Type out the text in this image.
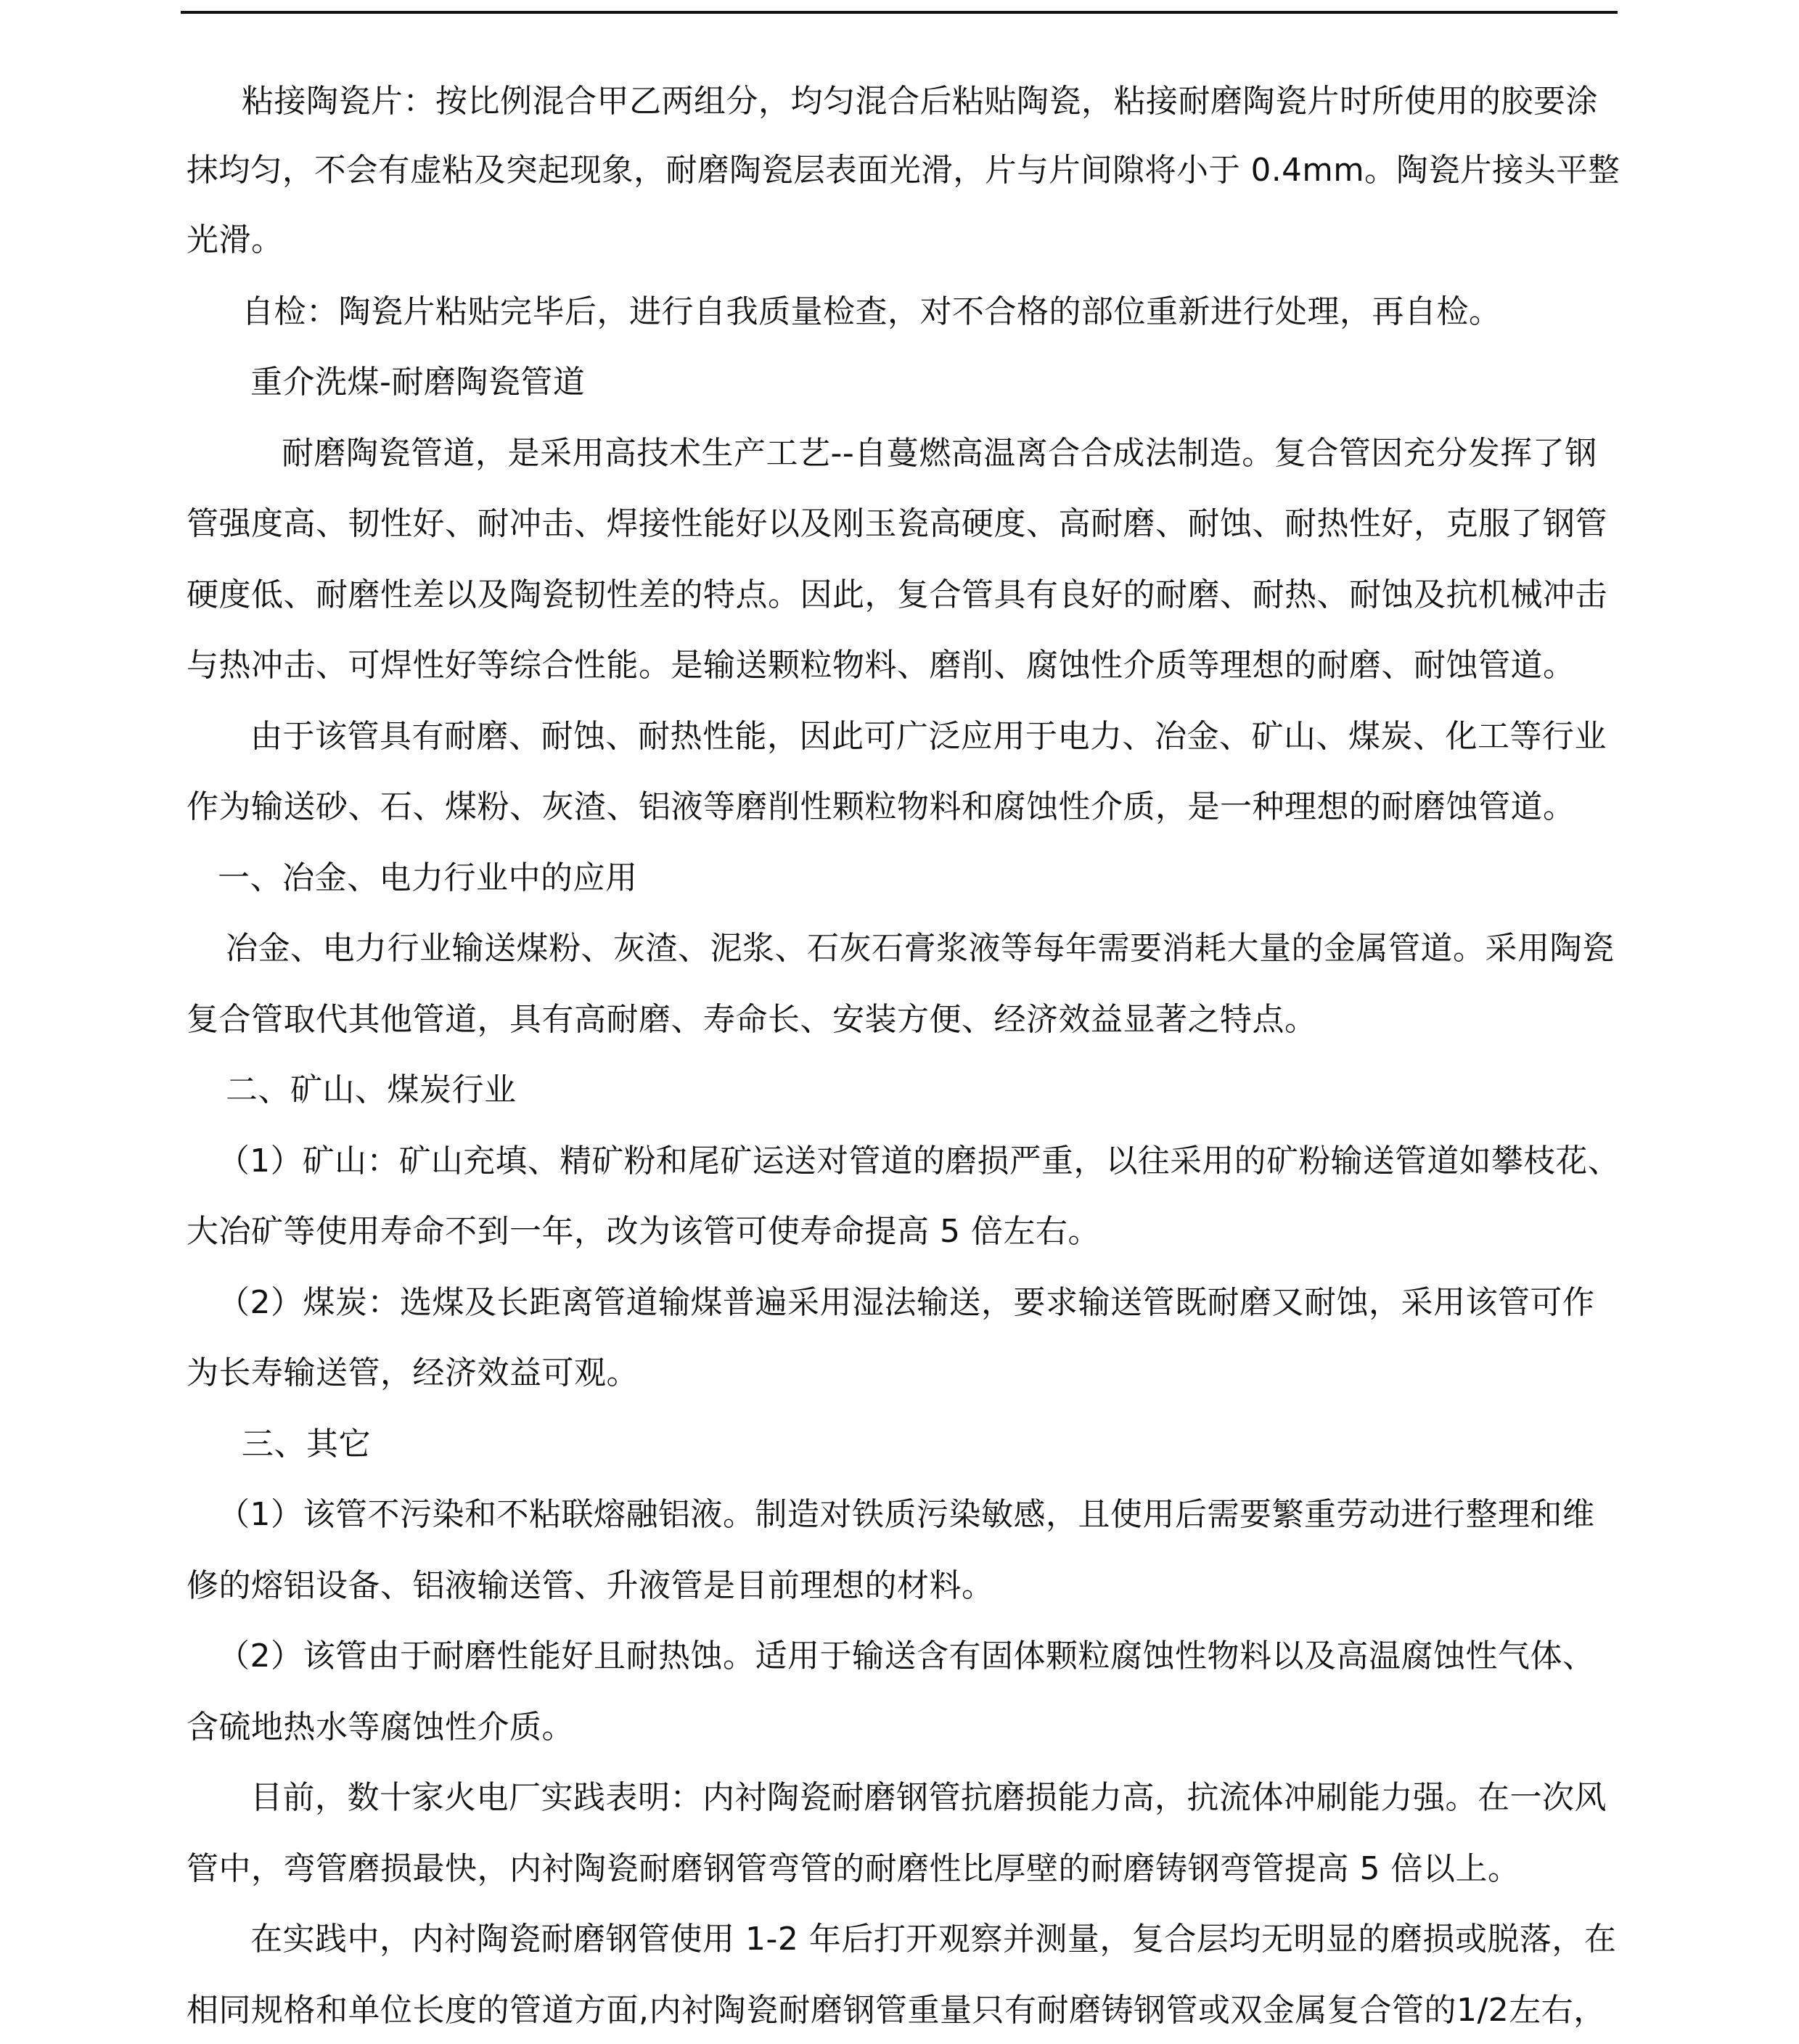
粘接陶瓷片：按比例混合甲乙两组分，均匀混合后粘贴陶瓷，粘接耐磨陶瓷片时所使用的胶要涂
抹均匀，不会有虚粘及突起现象，耐磨陶瓷层表面光滑，片与片间隙将小于 0.4mm。陶瓷片接头平整
光滑。
自检：陶瓷片粘贴完毕后，进行自我质量检查，对不合格的部位重新进行处理，再自检。
重介洗煤-耐磨陶瓷管道
耐磨陶瓷管道，是采用高技术生产工艺--自蔓燃高温离合合成法制造。复合管因充分发挥了钢
管强度高、韧性好、耐冲击、焊接性能好以及刚玉瓷高硬度、高耐磨、耐蚀、耐热性好，克服了钢管
硬度低、耐磨性差以及陶瓷韧性差的特点。因此，复合管具有良好的耐磨、耐热、耐蚀及抗机械冲击
与热冲击、可焊性好等综合性能。是输送颗粒物料、磨削、腐蚀性介质等理想的耐磨、耐蚀管道。
由于该管具有耐磨、耐蚀、耐热性能，因此可广泛应用于电力、冶金、矿山、煤炭、化工等行业
作为输送砂、石、煤粉、灰渣、铝液等磨削性颗粒物料和腐蚀性介质，是一种理想的耐磨蚀管道。
一、冶金、电力行业中的应用
冶金、电力行业输送煤粉、灰渣、泥浆、石灰石膏浆液等每年需要消耗大量的金属管道。采用陶瓷
复合管取代其他管道，具有高耐磨、寿命长、安装方便、经济效益显著之特点。
二、矿山、煤炭行业
（1）矿山：矿山充填、精矿粉和尾矿运送对管道的磨损严重，以往采用的矿粉输送管道如攀枝花、
大冶矿等使用寿命不到一年，改为该管可使寿命提高 5 倍左右。
（2）煤炭：选煤及长距离管道输煤普遍采用湿法输送，要求输送管既耐磨又耐蚀，采用该管可作
为长寿输送管，经济效益可观。
三、其它
（1）该管不污染和不粘联熔融铝液。制造对铁质污染敏感，且使用后需要繁重劳动进行整理和维
修的熔铝设备、铝液输送管、升液管是目前理想的材料。
（2）该管由于耐磨性能好且耐热蚀。适用于输送含有固体颗粒腐蚀性物料以及高温腐蚀性气体、
含硫地热水等腐蚀性介质。
目前，数十家火电厂实践表明：内衬陶瓷耐磨钢管抗磨损能力高，抗流体冲刷能力强。在一次风
管中，弯管磨损最快，内衬陶瓷耐磨钢管弯管的耐磨性比厚壁的耐磨铸钢弯管提高 5 倍以上。
在实践中，内衬陶瓷耐磨钢管使用 1-2 年后打开观察并测量，复合层均无明显的磨损或脱落，在
相同规格和单位长度的管道方面,内衬陶瓷耐磨钢管重量只有耐磨铸钢管或双金属复合管的1/2左右，
